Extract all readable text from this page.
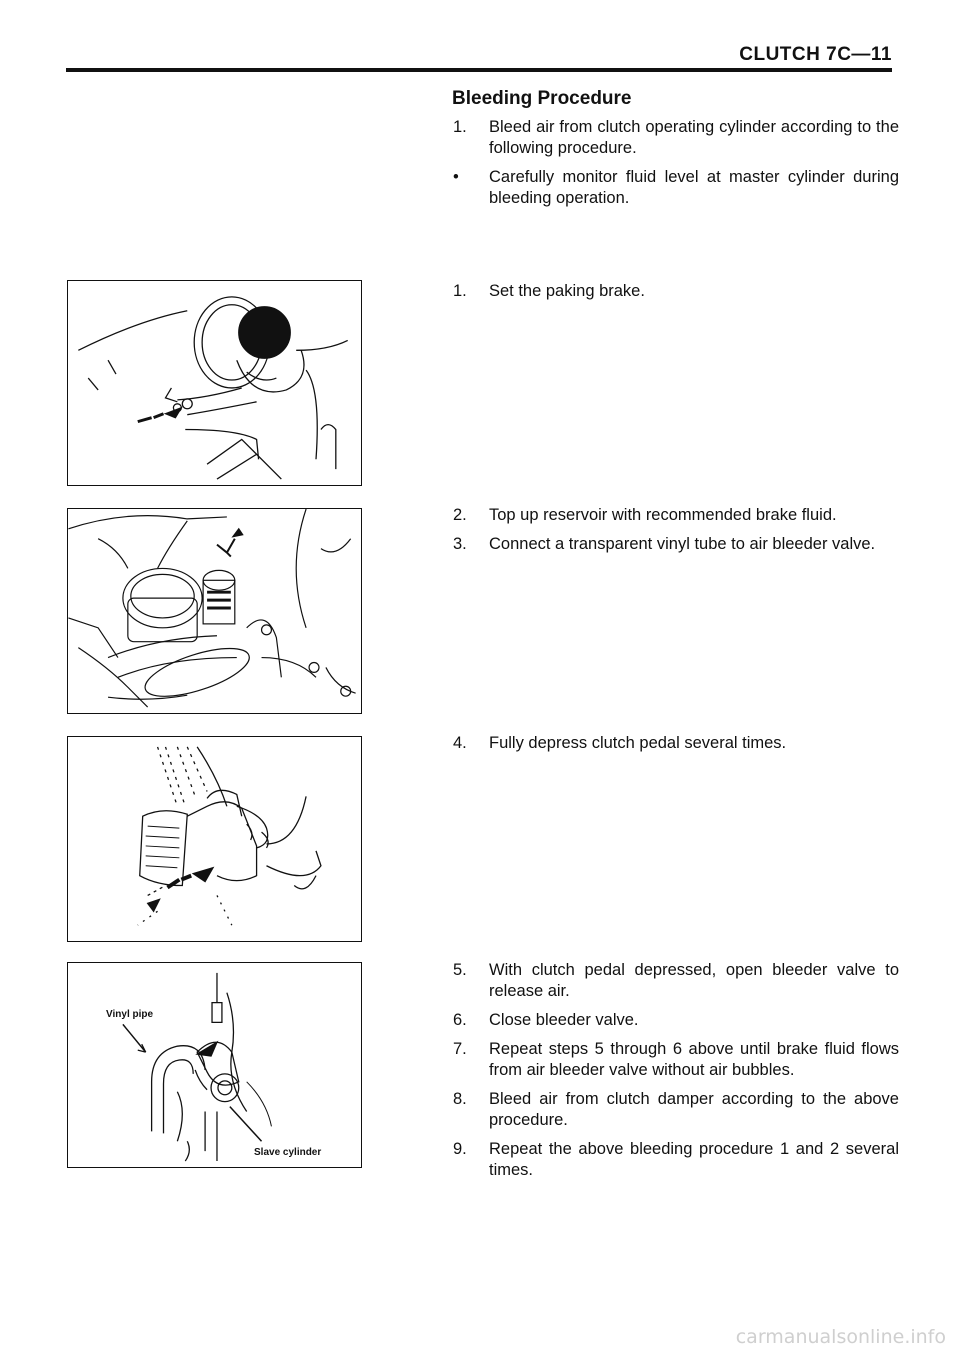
CLUTCH 7C—11
Bleeding Procedure
1.	Bleed air from clutch operating cylinder according to the following procedure.
•	Carefully monitor fluid level at master cylinder during bleeding operation.
1.	Set the paking brake.
2.	Top up reservoir with recommended brake fluid.
3.	Connect a transparent vinyl tube to air bleeder valve.
4.	Fully depress clutch pedal several times.
5.	With clutch pedal depressed, open bleeder valve to release air.
6.	Close bleeder valve.
7.	Repeat steps 5 through 6 above until brake fluid flows from air bleeder valve without air bubbles.
8.	Bleed air from clutch damper according to the above procedure.
9.	Repeat the above bleeding procedure 1 and 2 several times.
Vinyl pipe
Slave cylinder
carmanualsonline.info
